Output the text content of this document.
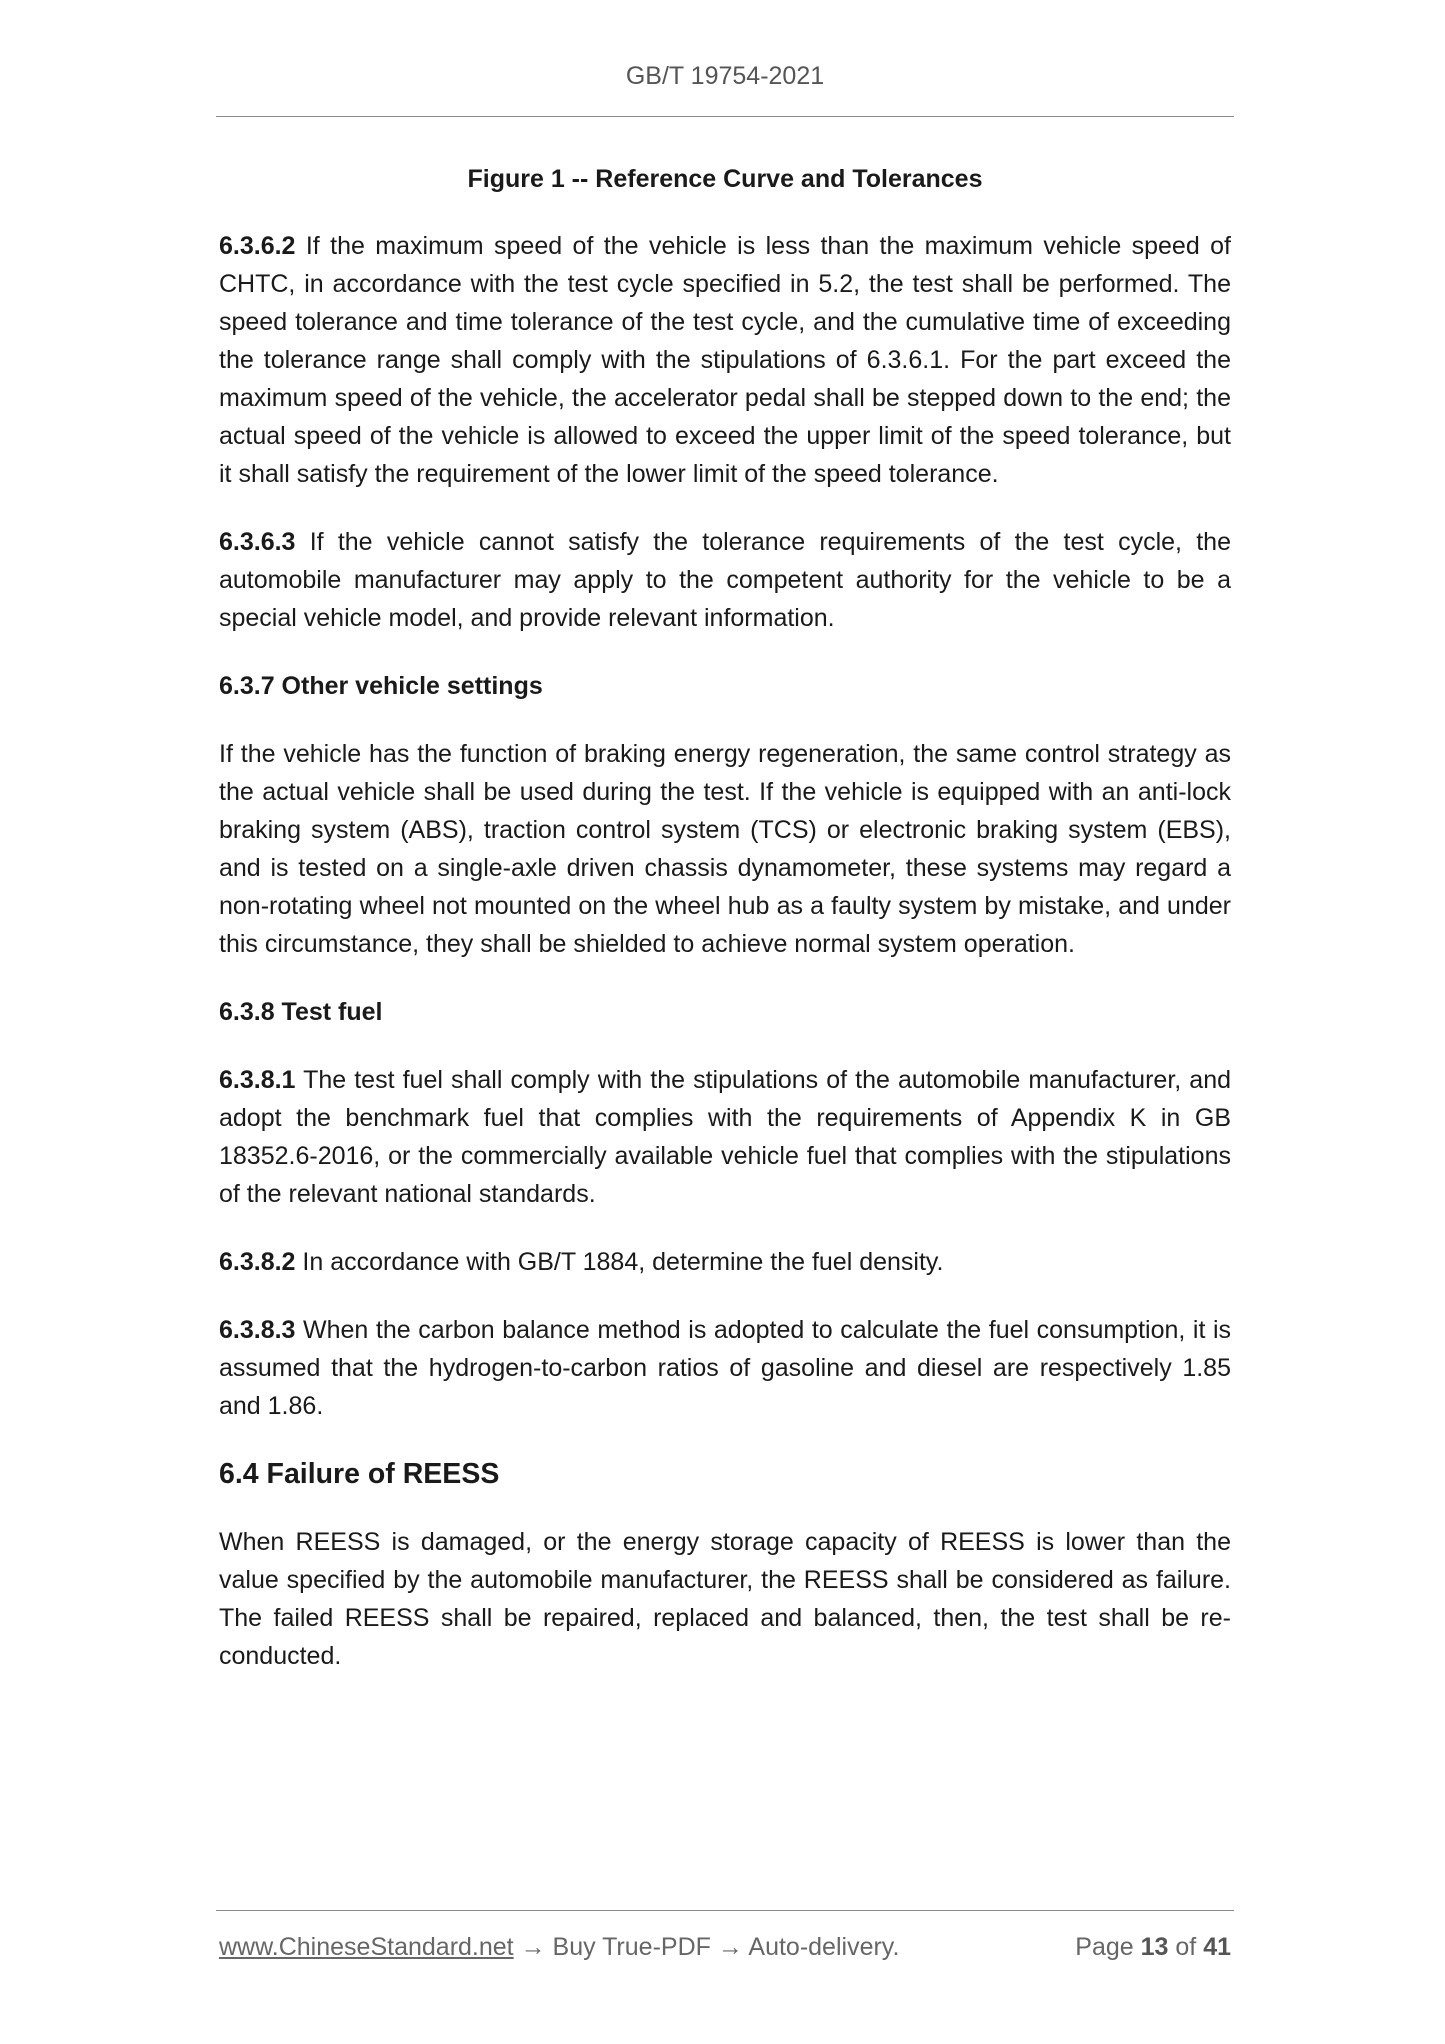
GB/T 19754-2021
Figure 1 -- Reference Curve and Tolerances
6.3.6.2 If the maximum speed of the vehicle is less than the maximum vehicle speed of CHTC, in accordance with the test cycle specified in 5.2, the test shall be performed. The speed tolerance and time tolerance of the test cycle, and the cumulative time of exceeding the tolerance range shall comply with the stipulations of 6.3.6.1. For the part exceed the maximum speed of the vehicle, the accelerator pedal shall be stepped down to the end; the actual speed of the vehicle is allowed to exceed the upper limit of the speed tolerance, but it shall satisfy the requirement of the lower limit of the speed tolerance.
6.3.6.3 If the vehicle cannot satisfy the tolerance requirements of the test cycle, the automobile manufacturer may apply to the competent authority for the vehicle to be a special vehicle model, and provide relevant information.
6.3.7 Other vehicle settings
If the vehicle has the function of braking energy regeneration, the same control strategy as the actual vehicle shall be used during the test. If the vehicle is equipped with an anti-lock braking system (ABS), traction control system (TCS) or electronic braking system (EBS), and is tested on a single-axle driven chassis dynamometer, these systems may regard a non-rotating wheel not mounted on the wheel hub as a faulty system by mistake, and under this circumstance, they shall be shielded to achieve normal system operation.
6.3.8 Test fuel
6.3.8.1 The test fuel shall comply with the stipulations of the automobile manufacturer, and adopt the benchmark fuel that complies with the requirements of Appendix K in GB 18352.6-2016, or the commercially available vehicle fuel that complies with the stipulations of the relevant national standards.
6.3.8.2 In accordance with GB/T 1884, determine the fuel density.
6.3.8.3 When the carbon balance method is adopted to calculate the fuel consumption, it is assumed that the hydrogen-to-carbon ratios of gasoline and diesel are respectively 1.85 and 1.86.
6.4 Failure of REESS
When REESS is damaged, or the energy storage capacity of REESS is lower than the value specified by the automobile manufacturer, the REESS shall be considered as failure. The failed REESS shall be repaired, replaced and balanced, then, the test shall be re-conducted.
www.ChineseStandard.net → Buy True-PDF → Auto-delivery.	Page 13 of 41
